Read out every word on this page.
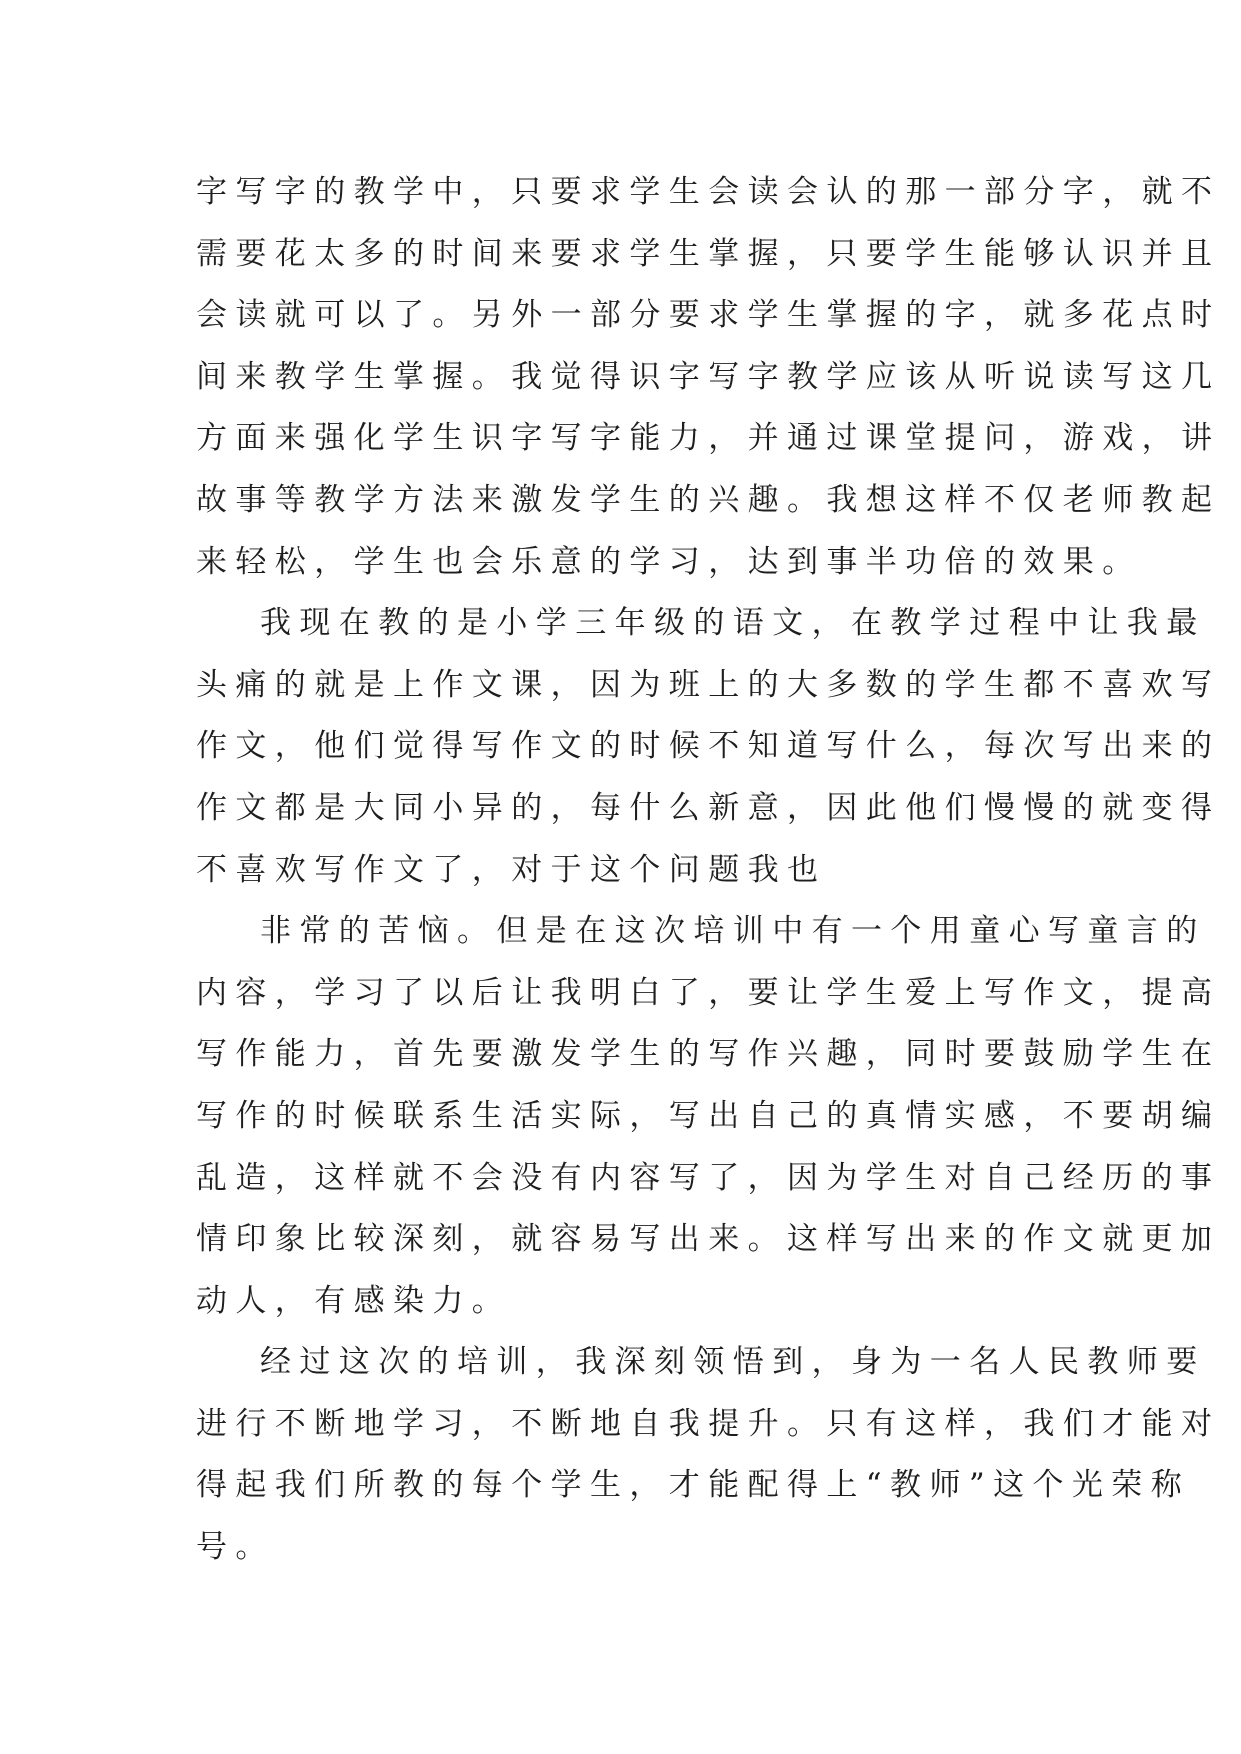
字写字的教学中，只要求学生会读会认的那一部分字，就不
需要花太多的时间来要求学生掌握，只要学生能够认识并且
会读就可以了。另外一部分要求学生掌握的字，就多花点时
间来教学生掌握。我觉得识字写字教学应该从听说读写这几
方面来强化学生识字写字能力，并通过课堂提问，游戏，讲
故事等教学方法来激发学生的兴趣。我想这样不仅老师教起
来轻松，学生也会乐意的学习，达到事半功倍的效果。
我现在教的是小学三年级的语文，在教学过程中让我最
头痛的就是上作文课，因为班上的大多数的学生都不喜欢写
作文，他们觉得写作文的时候不知道写什么，每次写出来的
作文都是大同小异的，每什么新意，因此他们慢慢的就变得
不喜欢写作文了，对于这个问题我也
非常的苦恼。但是在这次培训中有一个用童心写童言的
内容，学习了以后让我明白了，要让学生爱上写作文，提高
写作能力，首先要激发学生的写作兴趣，同时要鼓励学生在
写作的时候联系生活实际，写出自己的真情实感，不要胡编
乱造，这样就不会没有内容写了，因为学生对自己经历的事
情印象比较深刻，就容易写出来。这样写出来的作文就更加
动人，有感染力。
经过这次的培训，我深刻领悟到，身为一名人民教师要
进行不断地学习，不断地自我提升。只有这样，我们才能对
得起我们所教的每个学生，才能配得上“教师”这个光荣称
号。
